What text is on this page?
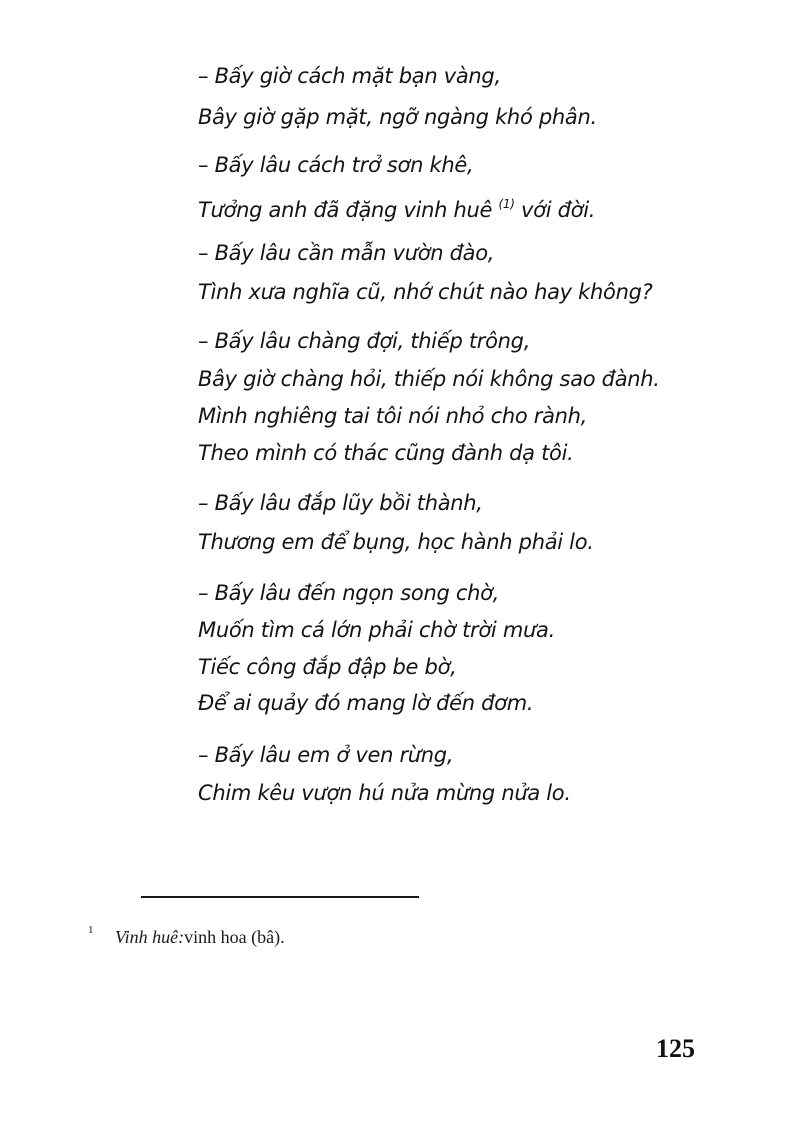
– Bấy giờ cách mặt bạn vàng,
Bây giờ gặp mặt, ngỡ ngàng khó phân.
– Bấy lâu cách trở sơn khê,
Tưởng anh đã đặng vinh huê $^{(1)}$ với đời.
– Bấy lâu cần mẫn vườn đào,
Tình xưa nghĩa cũ, nhớ chút nào hay không?
– Bấy lâu chàng đợi, thiếp trông,
Bây giờ chàng hỏi, thiếp nói không sao đành.
Mình nghiêng tai tôi nói nhỏ cho rành,
Theo mình có thác cũng đành dạ tôi.
– Bấy lâu đắp lũy bồi thành,
Thương em để bụng, học hành phải lo.
– Bấy lâu đến ngọn song chờ,
Muốn tìm cá lớn phải chờ trời mưa.
Tiếc công đắp đập be bờ,
Để ai quảy đó mang lờ đến đơm.
– Bấy lâu em ở ven rừng,
Chim kêu vượn hú nửa mừng nửa lo.
1 Vinh huê:vinh hoa (bâ).
125
